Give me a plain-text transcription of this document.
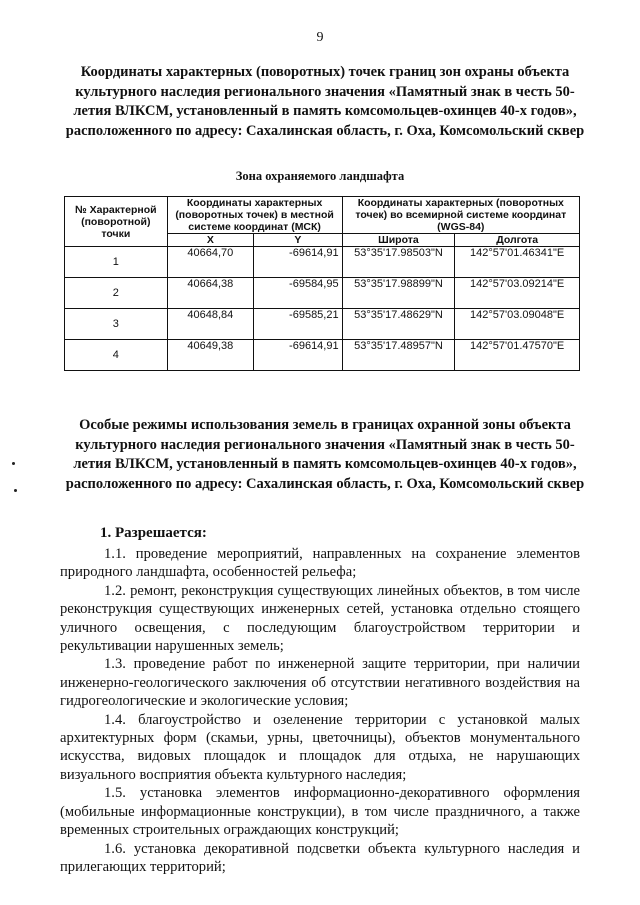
9
Координаты характерных (поворотных) точек границ зон охраны объекта культурного наследия регионального значения «Памятный знак в честь 50-летия ВЛКСМ, установленный в память комсомольцев-охинцев 40-х годов», расположенного по адресу: Сахалинская область, г. Оха, Комсомольский сквер
Зона охраняемого ландшафта
№ Характерной (поворотной) точки	Координаты характерных (поворотных точек) в местной системе координат (МСК)		Координаты характерных (поворотных точек) во всемирной системе координат (WGS-84)	
	X	Y	Широта	Долгота
1	40664,70	-69614,91	53°35'17.98503"N	142°57'01.46341"E
2	40664,38	-69584,95	53°35'17.98899"N	142°57'03.09214"E
3	40648,84	-69585,21	53°35'17.48629"N	142°57'03.09048"E
4	40649,38	-69614,91	53°35'17.48957"N	142°57'01.47570"E
Особые режимы использования земель в границах охранной зоны объекта культурного наследия регионального значения «Памятный знак в честь 50-летия ВЛКСМ, установленный в память комсомольцев-охинцев 40-х годов», расположенного по адресу: Сахалинская область, г. Оха, Комсомольский сквер
1. Разрешается:

1.1. проведение мероприятий, направленных на сохранение элементов природного ландшафта, особенностей рельефа;

1.2. ремонт, реконструкция существующих линейных объектов, в том числе реконструкция существующих инженерных сетей, установка отдельно стоящего уличного освещения, с последующим благоустройством территории и рекультивации нарушенных земель;

1.3. проведение работ по инженерной защите территории, при наличии инженерно-геологического заключения об отсутствии негативного воздействия на гидрогеологические и экологические условия;

1.4. благоустройство и озеленение территории с установкой малых архитектурных форм (скамьи, урны, цветочницы), объектов монументального искусства, видовых площадок и площадок для отдыха, не нарушающих визуального восприятия объекта культурного наследия;

1.5. установка элементов информационно-декоративного оформления (мобильные информационные конструкции), в том числе праздничного, а также временных строительных ограждающих конструкций;

1.6. установка декоративной подсветки объекта культурного наследия и прилегающих территорий;
